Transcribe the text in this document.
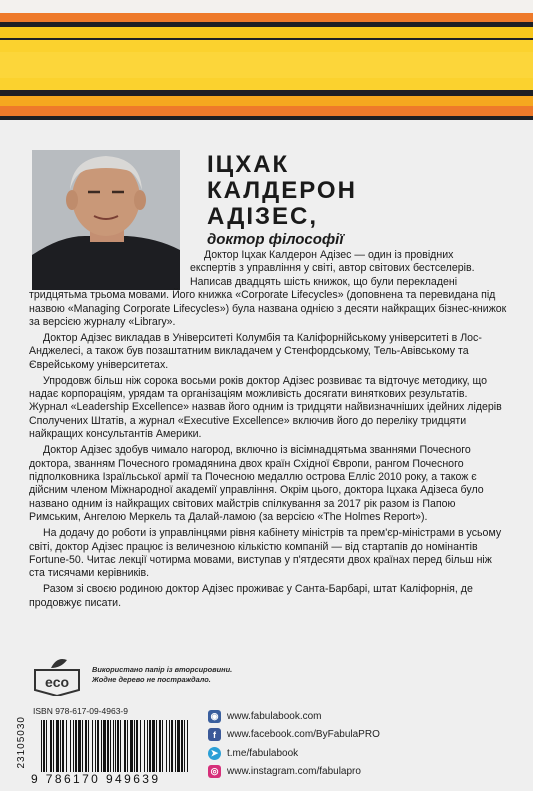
ІЦХАК
КАЛДЕРОН
АДІЗЕС,
доктор філософії

Доктор Іцхак Калдерон Адізес — один із провідних
експертів з управління у світі, автор світових бестселерів.
Написав двадцять шість книжок, що були перекладені

тридцятьма трьома мовами. Його книжка «Corporate Lifecycles» (доповнена та перевидана під назвою «Managing Corporate Lifecycles») була названа однією з десяти найкращих бізнес-книжок за версією журналу «Library».

Доктор Адізес викладав в Університеті Колумбія та Каліфорнійському університеті в Лос-Анджелесі, а також був позаштатним викладачем у Стенфордському, Тель-Авівському та Єврейському університетах.

Упродовж більш ніж сорока восьми років доктор Адізес розвиває та відточує методику, що надає корпораціям, урядам та організаціям можливість досягати виняткових результатів. Журнал «Leadership Excellence» назвав його одним із тридцяти найвизначніших ідейних лідерів Сполучених Штатів, а журнал «Executive Excellence» включив його до переліку тридцяти найкращих консультантів Америки.

Доктор Адізес здобув чимало нагород, включно із вісімнадцятьма званнями Почесного доктора, званням Почесного громадянина двох країн Східної Європи, рангом Почесного підполковника Ізраїльської армії та Почесною медаллю острова Елліс 2010 року, а також є дійсним членом Міжнародної академії управління. Окрім цього, доктора Іцхака Адізеса було названо одним із найкращих світових майстрів спілкування за 2017 рік разом із Папою Римським, Ангелою Меркель та Далай-ламою (за версією «The Holmes Report»).

На додачу до роботи із управлінцями рівня кабінету міністрів та прем'єр-міністрами в усьому світі, доктор Адізес працює із величезною кількістю компаній — від стартапів до номінантів Fortune-50. Читає лекції чотирма мовами, виступав у п'ятдесяти двох країнах перед більш ніж ста тисячами керівників.

Разом зі своєю родиною доктор Адізес проживає у Санта-Барбарі, штат Каліфорнія, де продовжує писати.

eco
Використано папір із вторсировини.
Жодне дерево не постраждало.
ISBN 978-617-09-4963-9
23105030
9 786170 949639
◉ www.fabulabook.com
f	www.facebook.com/ByFabulaPRO
➤ t.me/fabulabook
◎ www.instagram.com/fabulapro
